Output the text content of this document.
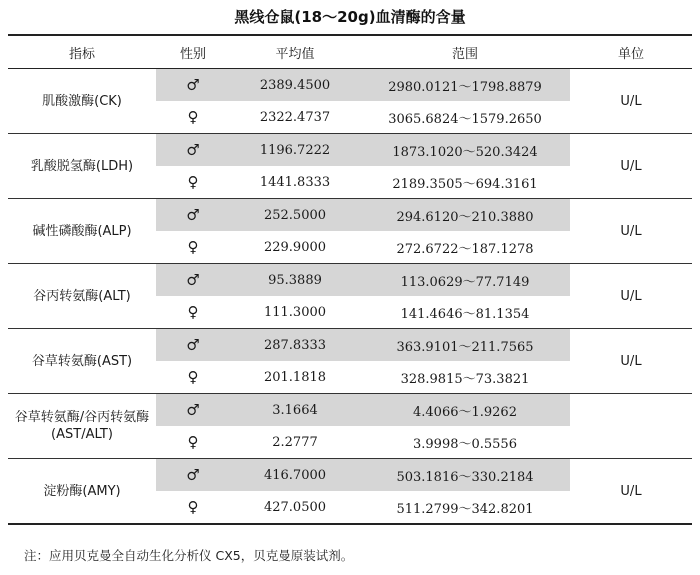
黑线仓鼠(18～20g)血清酶的含量
指标	性别	平均值	范围	单位
肌酸激酶(CK)	♂	2389.4500	2980.0121～1798.8879	U/L
	♀	2322.4737	3065.6824～1579.2650	
乳酸脱氢酶(LDH)	♂	1196.7222	1873.1020～520.3424	U/L
	♀	1441.8333	2189.3505～694.3161	
碱性磷酸酶(ALP)	♂	252.5000	294.6120～210.3880	U/L
	♀	229.9000	272.6722～187.1278	
谷丙转氨酶(ALT)	♂	95.3889	113.0629～77.7149	U/L
	♀	111.3000	141.4646～81.1354	
谷草转氨酶(AST)	♂	287.8333	363.9101～211.7565	U/L
	♀	201.1818	328.9815～73.3821	
谷草转氨酶/谷丙转氨酶(AST/ALT)	♂	3.1664	4.4066～1.9262	
	♀	2.2777	3.9998～0.5556	
淀粉酶(AMY)	♂	416.7000	503.1816～330.2184	U/L
	♀	427.0500	511.2799～342.8201	
注：应用贝克曼全自动生化分析仪 CX5，贝克曼原装试剂。
